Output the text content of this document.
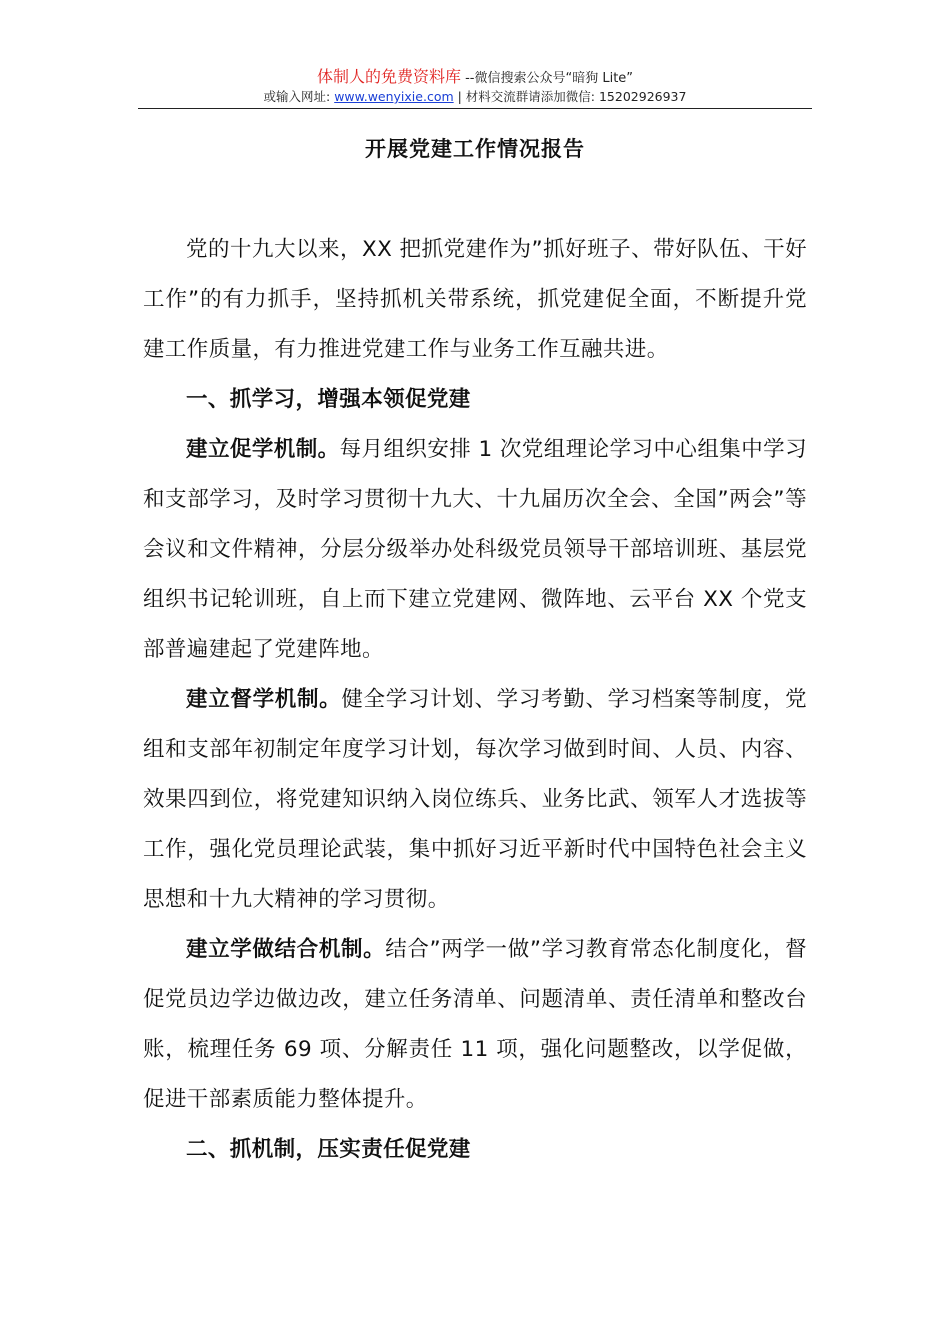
体制人的免费资料库 --微信搜索公众号“暗狗 Lite”
或输入网址: www.wenyixie.com | 材料交流群请添加微信: 15202926937
开展党建工作情况报告

党的十九大以来，XX 把抓党建作为”抓好班子、带好队伍、干好工作”的有力抓手，坚持抓机关带系统，抓党建促全面，不断提升党建工作质量，有力推进党建工作与业务工作互融共进。

一、抓学习，增强本领促党建

建立促学机制。每月组织安排 1 次党组理论学习中心组集中学习和支部学习，及时学习贯彻十九大、十九届历次全会、全国”两会”等会议和文件精神，分层分级举办处科级党员领导干部培训班、基层党组织书记轮训班，自上而下建立党建网、微阵地、云平台 XX 个党支部普遍建起了党建阵地。

建立督学机制。健全学习计划、学习考勤、学习档案等制度，党组和支部年初制定年度学习计划，每次学习做到时间、人员、内容、效果四到位，将党建知识纳入岗位练兵、业务比武、领军人才选拔等工作，强化党员理论武装，集中抓好习近平新时代中国特色社会主义思想和十九大精神的学习贯彻。

建立学做结合机制。结合”两学一做”学习教育常态化制度化，督促党员边学边做边改，建立任务清单、问题清单、责任清单和整改台账，梳理任务 69 项、分解责任 11 项，强化问题整改，以学促做，促进干部素质能力整体提升。

二、抓机制，压实责任促党建
